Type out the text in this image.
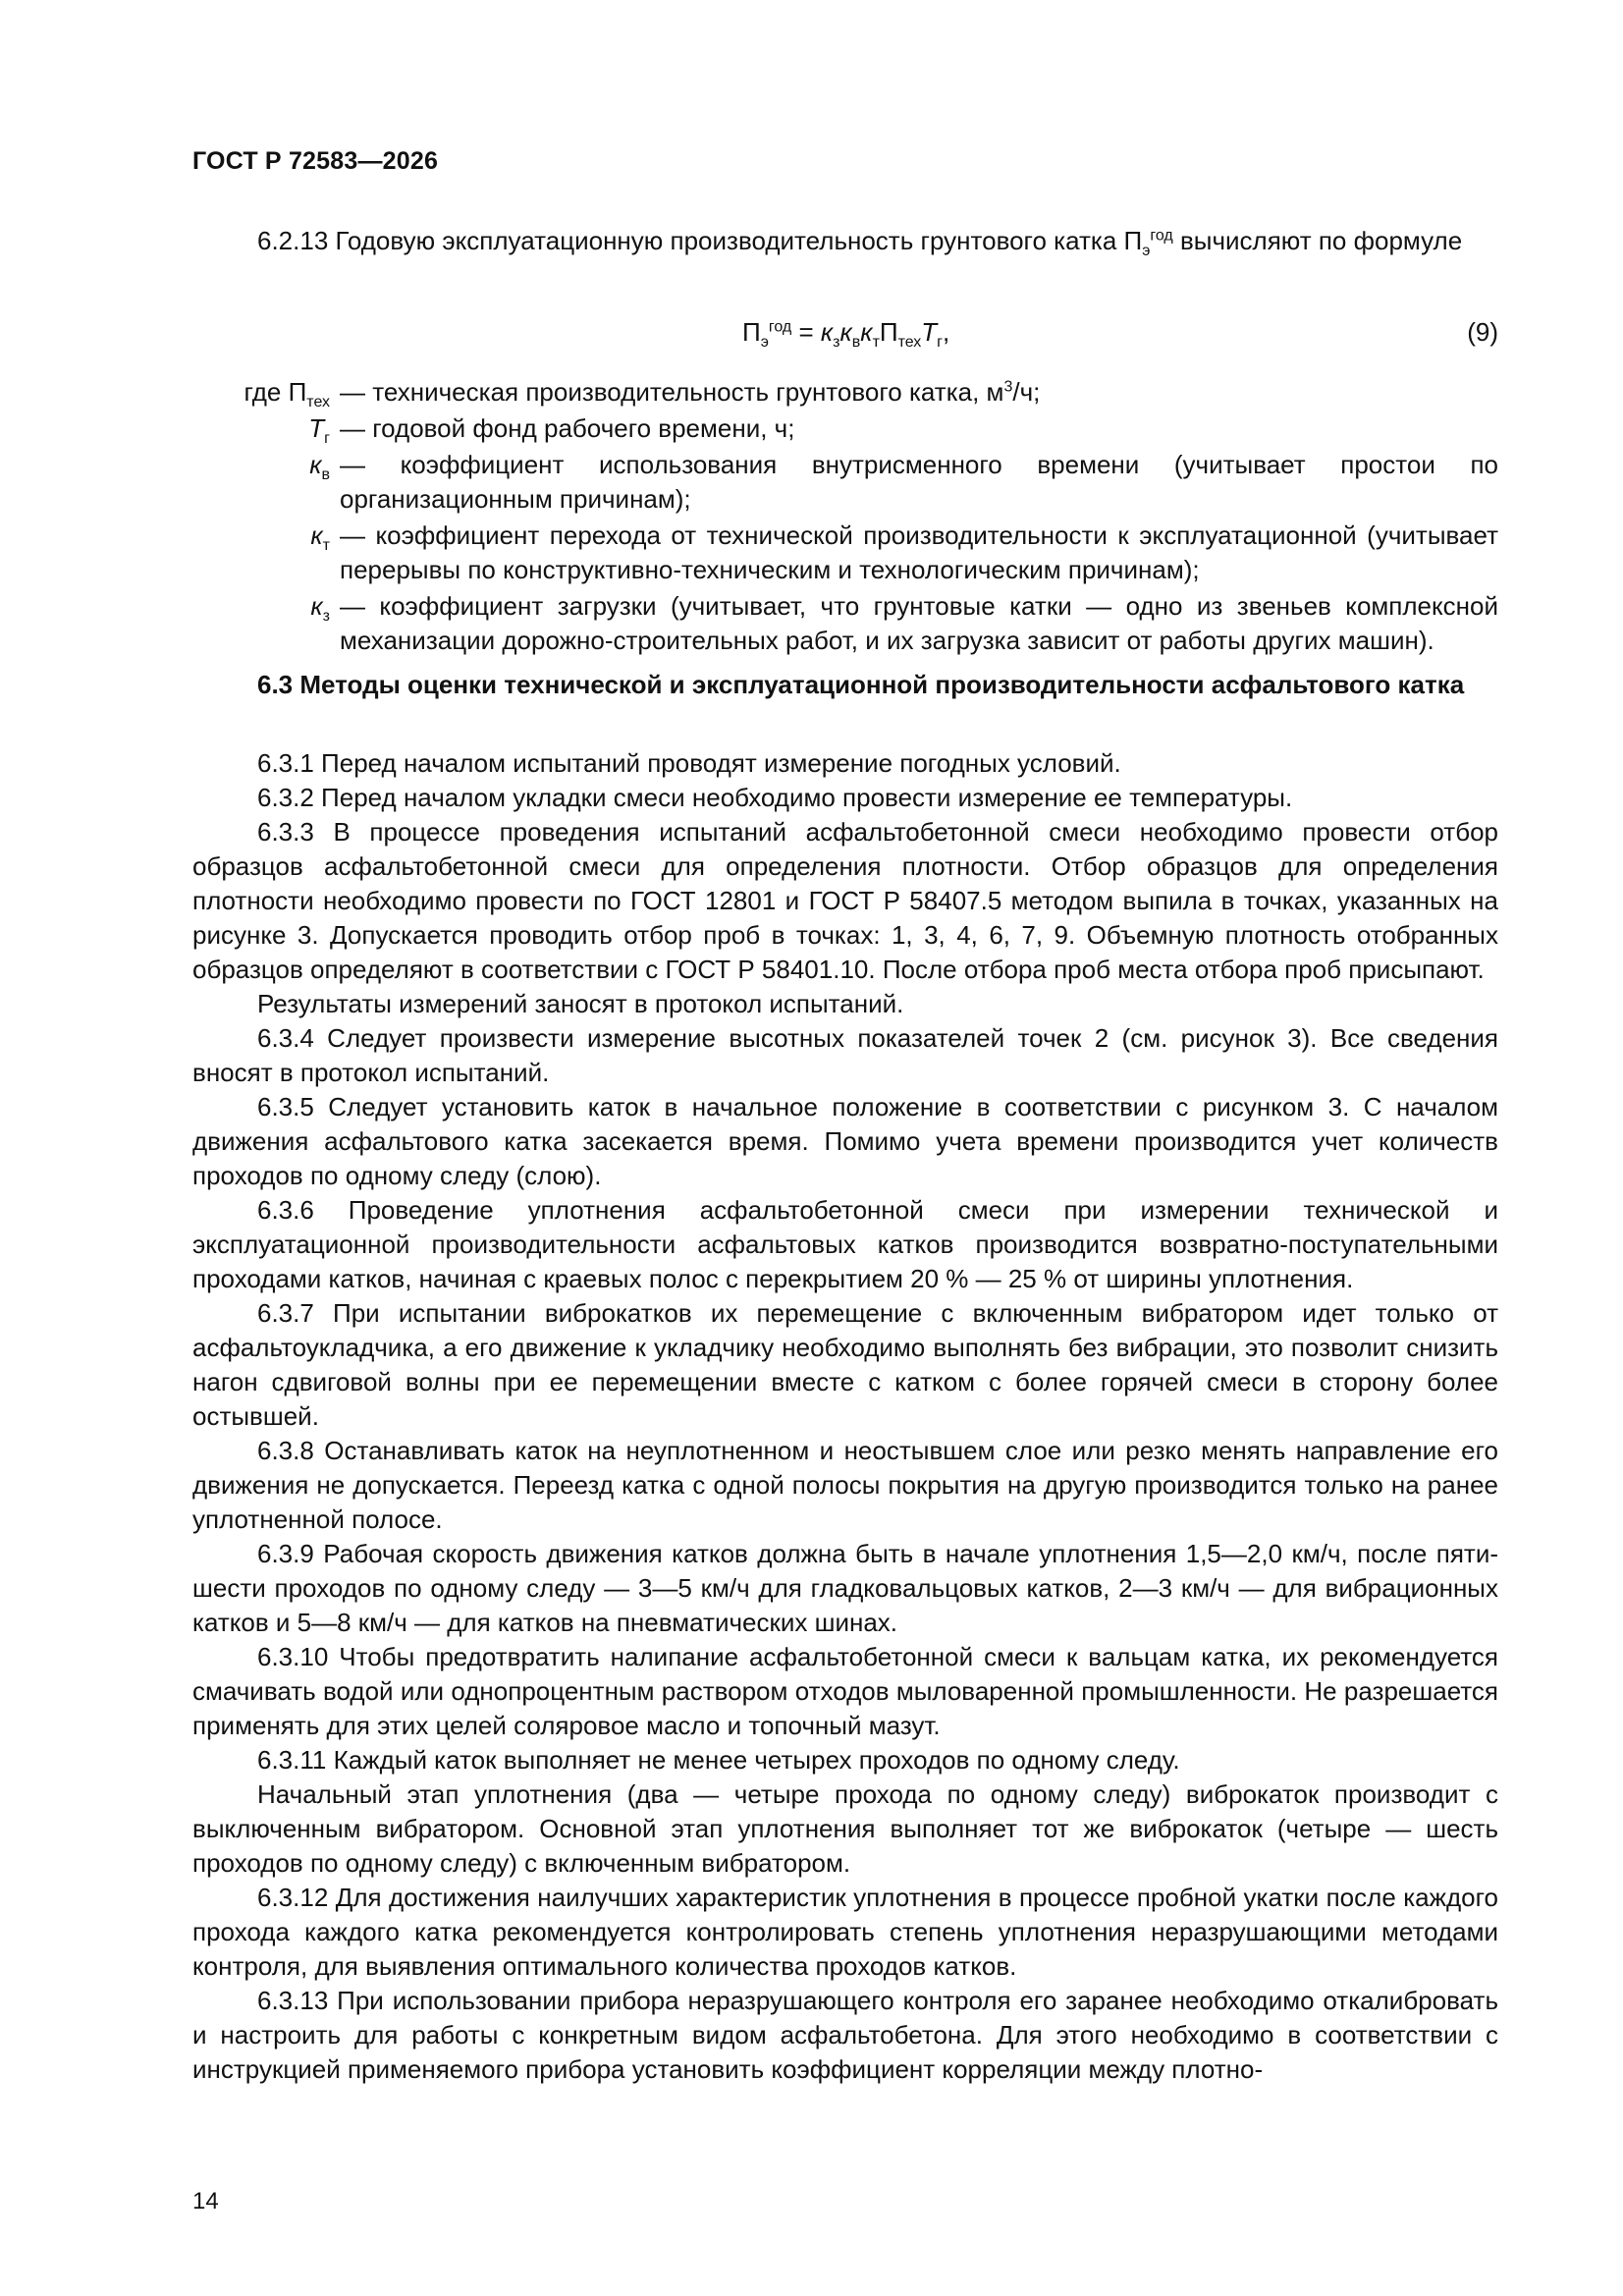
ГОСТ Р 72583—2026

6.2.13 Годовую эксплуатационную производительность грунтового катка $П_э^{год}$ вычисляют по формуле

$П_э^{год} = к_зк_вк_тП_{тех}Т_г$,	(9)
где $П_{тех}$ — техническая производительность грунтового катка, $м^3/ч$;
$Т_г$ — годовой фонд рабочего времени, ч;
$к_в$ — коэффициент использования внутрисменного времени (учитывает простои по организационным причинам);
$к_т$ — коэффициент перехода от технической производительности к эксплуатационной (учитывает перерывы по конструктивно-техническим и технологическим причинам);
$к_з$ — коэффициент загрузки (учитывает, что грунтовые катки — одно из звеньев комплексной механизации дорожно-строительных работ, и их загрузка зависит от работы других машин).
6.3 Методы оценки технической и эксплуатационной производительности асфальтового катка

6.3.1 Перед началом испытаний проводят измерение погодных условий.

6.3.2 Перед началом укладки смеси необходимо провести измерение ее температуры.

6.3.3 В процессе проведения испытаний асфальтобетонной смеси необходимо провести отбор образцов асфальтобетонной смеси для определения плотности. Отбор образцов для определения плотности необходимо провести по ГОСТ 12801 и ГОСТ Р 58407.5 методом выпила в точках, указанных на рисунке 3. Допускается проводить отбор проб в точках: 1, 3, 4, 6, 7, 9. Объемную плотность отобранных образцов определяют в соответствии с ГОСТ Р 58401.10. После отбора проб места отбора проб присыпают.

Результаты измерений заносят в протокол испытаний.

6.3.4 Следует произвести измерение высотных показателей точек 2 (см. рисунок 3). Все сведения вносят в протокол испытаний.

6.3.5 Следует установить каток в начальное положение в соответствии с рисунком 3. С началом движения асфальтового катка засекается время. Помимо учета времени производится учет количеств проходов по одному следу (слою).

6.3.6 Проведение уплотнения асфальтобетонной смеси при измерении технической и эксплуатационной производительности асфальтовых катков производится возвратно-поступательными проходами катков, начиная с краевых полос с перекрытием 20 % — 25 % от ширины уплотнения.

6.3.7 При испытании виброкатков их перемещение с включенным вибратором идет только от асфальтоукладчика, а его движение к укладчику необходимо выполнять без вибрации, это позволит снизить нагон сдвиговой волны при ее перемещении вместе с катком с более горячей смеси в сторону более остывшей.

6.3.8 Останавливать каток на неуплотненном и неостывшем слое или резко менять направление его движения не допускается. Переезд катка с одной полосы покрытия на другую производится только на ранее уплотненной полосе.

6.3.9 Рабочая скорость движения катков должна быть в начале уплотнения 1,5—2,0 км/ч, после пяти-шести проходов по одному следу — 3—5 км/ч для гладковальцовых катков, 2—3 км/ч — для вибрационных катков и 5—8 км/ч — для катков на пневматических шинах.

6.3.10 Чтобы предотвратить налипание асфальтобетонной смеси к вальцам катка, их рекомендуется смачивать водой или однопроцентным раствором отходов мыловаренной промышленности. Не разрешается применять для этих целей соляровое масло и топочный мазут.

6.3.11 Каждый каток выполняет не менее четырех проходов по одному следу.

Начальный этап уплотнения (два — четыре прохода по одному следу) виброкаток производит с выключенным вибратором. Основной этап уплотнения выполняет тот же виброкаток (четыре — шесть проходов по одному следу) с включенным вибратором.

6.3.12 Для достижения наилучших характеристик уплотнения в процессе пробной укатки после каждого прохода каждого катка рекомендуется контролировать степень уплотнения неразрушающими методами контроля, для выявления оптимального количества проходов катков.

6.3.13 При использовании прибора неразрушающего контроля его заранее необходимо откалибровать и настроить для работы с конкретным видом асфальтобетона. Для этого необходимо в соответствии с инструкцией применяемого прибора установить коэффициент корреляции между плотно-

14
